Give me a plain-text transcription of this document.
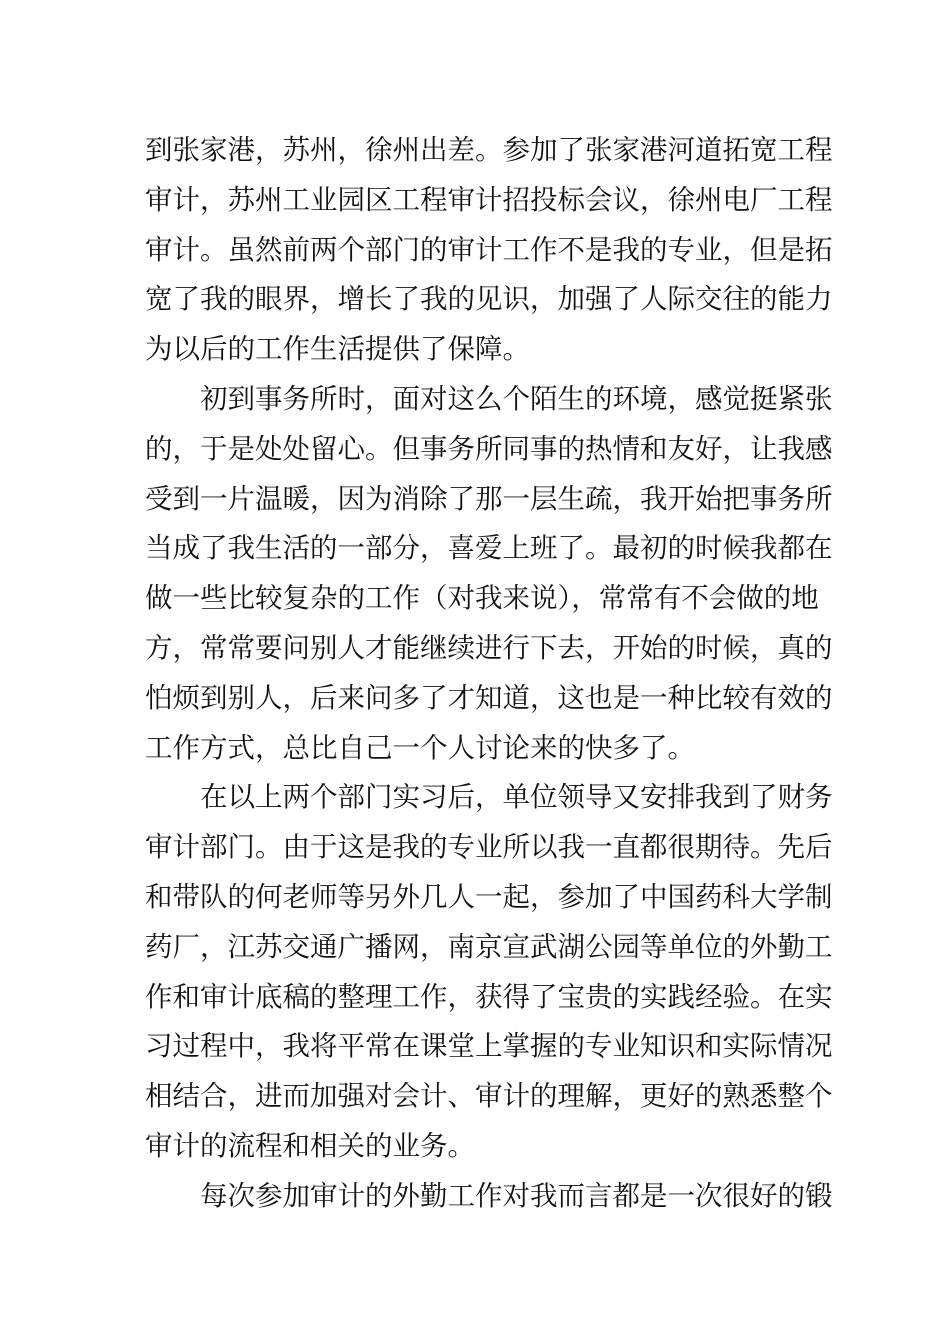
到张家港，苏州，徐州出差。参加了张家港河道拓宽工程
审计，苏州工业园区工程审计招投标会议，徐州电厂工程
审计。虽然前两个部门的审计工作不是我的专业，但是拓
宽了我的眼界，增长了我的见识，加强了人际交往的能力
为以后的工作生活提供了保障。
初到事务所时，面对这么个陌生的环境，感觉挺紧张
的，于是处处留心。但事务所同事的热情和友好，让我感
受到一片温暖，因为消除了那一层生疏，我开始把事务所
当成了我生活的一部分，喜爱上班了。最初的时候我都在
做一些比较复杂的工作（对我来说），常常有不会做的地
方，常常要问别人才能继续进行下去，开始的时候，真的
怕烦到别人，后来问多了才知道，这也是一种比较有效的
工作方式，总比自己一个人讨论来的快多了。
在以上两个部门实习后，单位领导又安排我到了财务
审计部门。由于这是我的专业所以我一直都很期待。先后
和带队的何老师等另外几人一起，参加了中国药科大学制
药厂，江苏交通广播网，南京宣武湖公园等单位的外勤工
作和审计底稿的整理工作，获得了宝贵的实践经验。在实
习过程中，我将平常在课堂上掌握的专业知识和实际情况
相结合，进而加强对会计、审计的理解，更好的熟悉整个
审计的流程和相关的业务。
每次参加审计的外勤工作对我而言都是一次很好的锻
